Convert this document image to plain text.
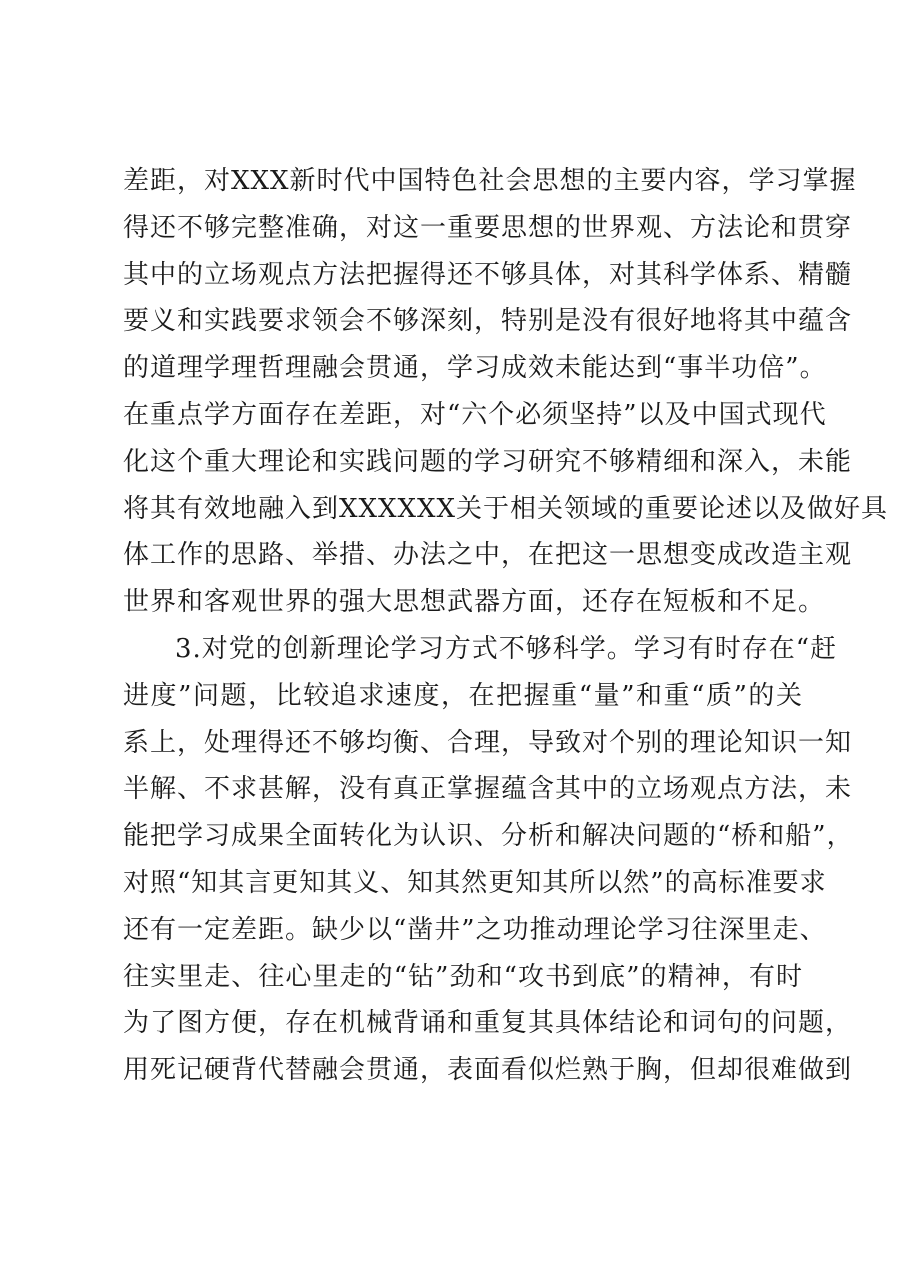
差距，对XXX新时代中国特色社会思想的主要内容，学习掌握
得还不够完整准确，对这一重要思想的世界观、方法论和贯穿
其中的立场观点方法把握得还不够具体，对其科学体系、精髓
要义和实践要求领会不够深刻，特别是没有很好地将其中蕴含
的道理学理哲理融会贯通，学习成效未能达到“事半功倍”。
在重点学方面存在差距，对“六个必须坚持”以及中国式现代
化这个重大理论和实践问题的学习研究不够精细和深入，未能
将其有效地融入到XXXXXX关于相关领域的重要论述以及做好具
体工作的思路、举措、办法之中，在把这一思想变成改造主观
世界和客观世界的强大思想武器方面，还存在短板和不足。
3.对党的创新理论学习方式不够科学。学习有时存在“赶
进度”问题，比较追求速度，在把握重“量”和重“质”的关
系上，处理得还不够均衡、合理，导致对个别的理论知识一知
半解、不求甚解，没有真正掌握蕴含其中的立场观点方法，未
能把学习成果全面转化为认识、分析和解决问题的“桥和船”，
对照“知其言更知其义、知其然更知其所以然”的高标准要求
还有一定差距。缺少以“凿井”之功推动理论学习往深里走、
往实里走、往心里走的“钻”劲和“攻书到底”的精神，有时
为了图方便，存在机械背诵和重复其具体结论和词句的问题，
用死记硬背代替融会贯通，表面看似烂熟于胸，但却很难做到
